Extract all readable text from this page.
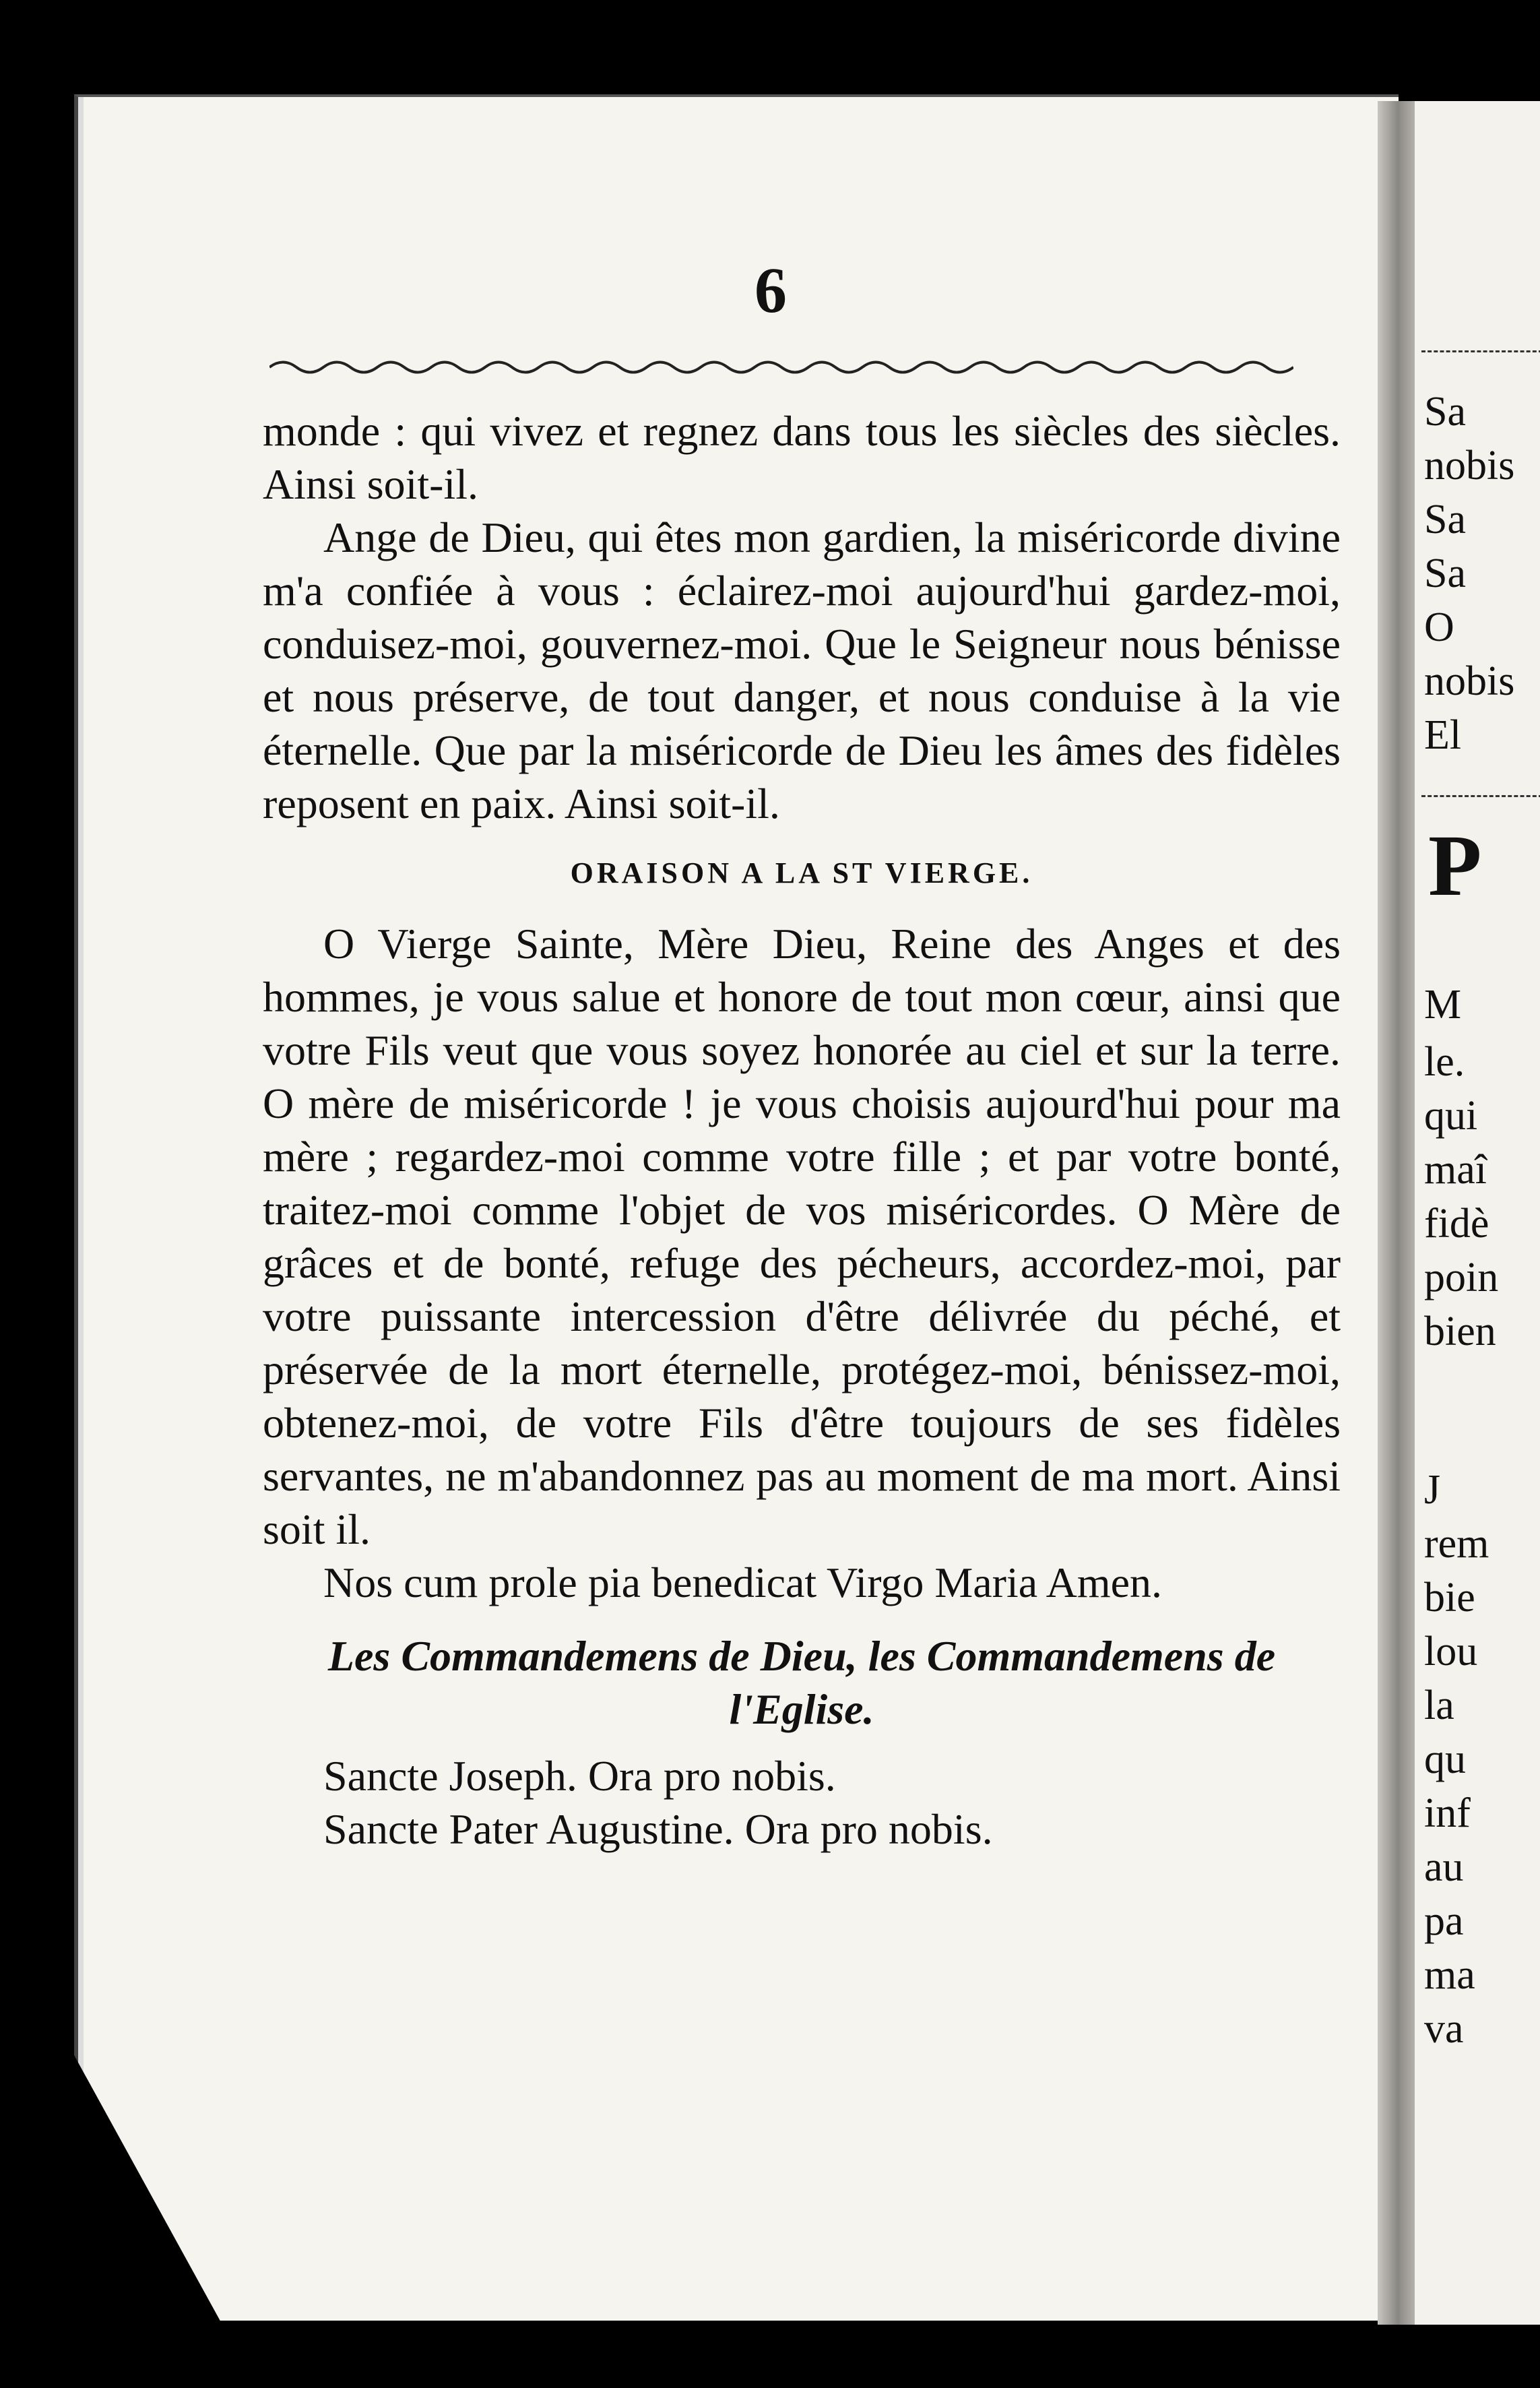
6

monde : qui vivez et regnez dans tous les siècles des siècles. Ainsi soit-il.

Ange de Dieu, qui êtes mon gardien, la miséricorde divine m'a confiée à vous : éclairez-moi aujourd'hui gardez-moi, conduisez-moi, gouvernez-moi. Que le Seigneur nous bénisse et nous préserve, de tout danger, et nous conduise à la vie éternelle. Que par la miséricorde de Dieu les âmes des fidèles reposent en paix. Ainsi soit-il.

ORAISON A LA ST VIERGE.

O Vierge Sainte, Mère Dieu, Reine des Anges et des hommes, je vous salue et honore de tout mon cœur, ainsi que votre Fils veut que vous soyez honorée au ciel et sur la terre. O mère de miséricorde ! je vous choisis aujourd'hui pour ma mère ; regardez-moi comme votre fille ; et par votre bonté, traitez-moi comme l'objet de vos miséricordes. O Mère de grâces et de bonté, refuge des pécheurs, accordez-moi, par votre puissante intercession d'être délivrée du péché, et préservée de la mort éternelle, protégez-moi, bénissez-moi, obtenez-moi, de votre Fils d'être toujours de ses fidèles servantes, ne m'abandonnez pas au moment de ma mort. Ainsi soit il.

Nos cum prole pia benedicat Virgo Maria Amen.

Les Commandemens de Dieu, les Commandemens de l'Eglise.

Sancte Joseph. Ora pro nobis.

Sancte Pater Augustine. Ora pro nobis.

Sa
nobis
Sa
Sa
O
nobis
El
P
M
le.
qui
maî
fidè
poin
bien
J
rem
bie
lou
la
qu
inf
au
pa
ma
va
